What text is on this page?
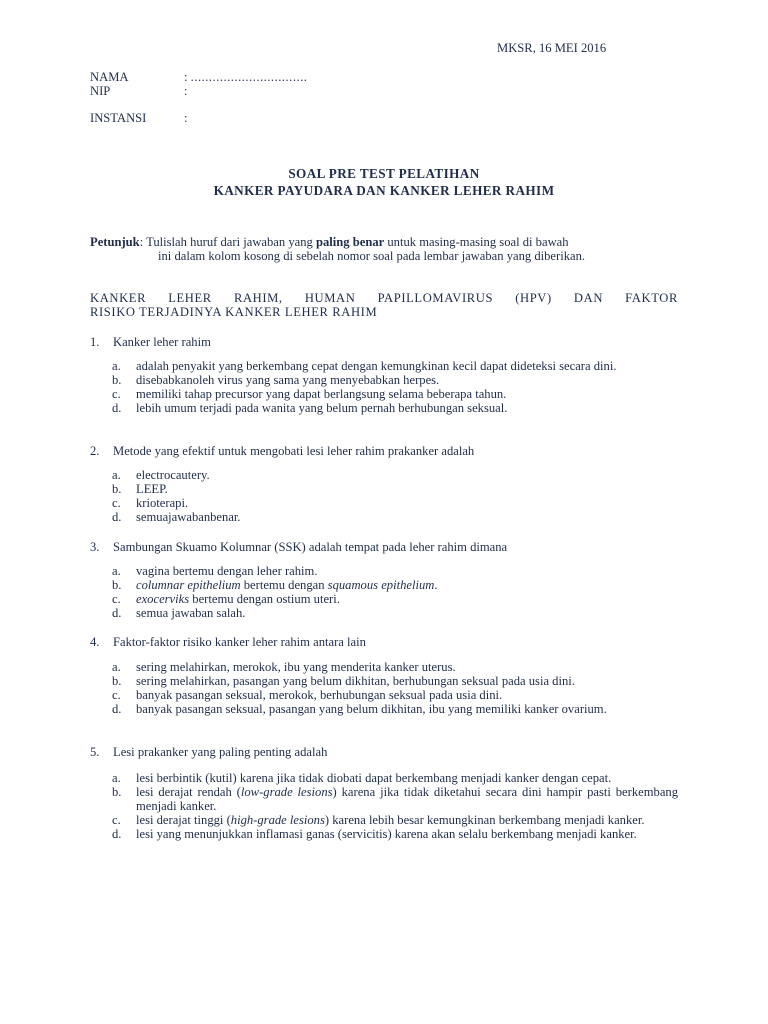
MKSR, 16 MEI 2016
NAMA	: ................................
NIP	:
INSTANSI	:
SOAL PRE TEST PELATIHAN
KANKER PAYUDARA DAN KANKER LEHER RAHIM
Petunjuk: Tulislah huruf dari jawaban yang paling benar untuk masing-masing soal di bawah
ini dalam kolom kosong di sebelah nomor soal pada lembar jawaban yang diberikan.
KANKER LEHER RAHIM, HUMAN PAPILLOMAVIRUS (HPV) DAN FAKTOR
RISIKO TERJADINYA KANKER LEHER RAHIM
1. Kanker leher rahim
a.	adalah penyakit yang berkembang cepat dengan kemungkinan kecil dapat dideteksi secara dini.
b.	disebabkanoleh virus yang sama yang menyebabkan herpes.
c.	memiliki tahap precursor yang dapat berlangsung selama beberapa tahun.
d.	lebih umum terjadi pada wanita yang belum pernah berhubungan seksual.
2. Metode yang efektif untuk mengobati lesi leher rahim prakanker adalah
a.	electrocautery.
b.	LEEP.
c.	krioterapi.
d.	semuajawabanbenar.
3. Sambungan Skuamo Kolumnar (SSK) adalah tempat pada leher rahim dimana
a.	vagina bertemu dengan leher rahim.
b.	columnar epithelium bertemu dengan squamous epithelium.
c.	exocerviks bertemu dengan ostium uteri.
d.	semua jawaban salah.
4. Faktor-faktor risiko kanker leher rahim antara lain
a.	sering melahirkan, merokok, ibu yang menderita kanker uterus.
b.	sering melahirkan, pasangan yang belum dikhitan, berhubungan seksual pada usia dini.
c.	banyak pasangan seksual, merokok, berhubungan seksual pada usia dini.
d.	banyak pasangan seksual, pasangan yang belum dikhitan, ibu yang memiliki kanker ovarium.
5. Lesi prakanker yang paling penting adalah
a.	lesi berbintik (kutil) karena jika tidak diobati dapat berkembang menjadi kanker dengan cepat.
b.	lesi derajat rendah (low-grade lesions) karena jika tidak diketahui secara dini hampir pasti berkembang menjadi kanker.
c.	lesi derajat tinggi (high-grade lesions) karena lebih besar kemungkinan berkembang menjadi kanker.
d.	lesi yang menunjukkan inflamasi ganas (servicitis) karena akan selalu berkembang menjadi kanker.
